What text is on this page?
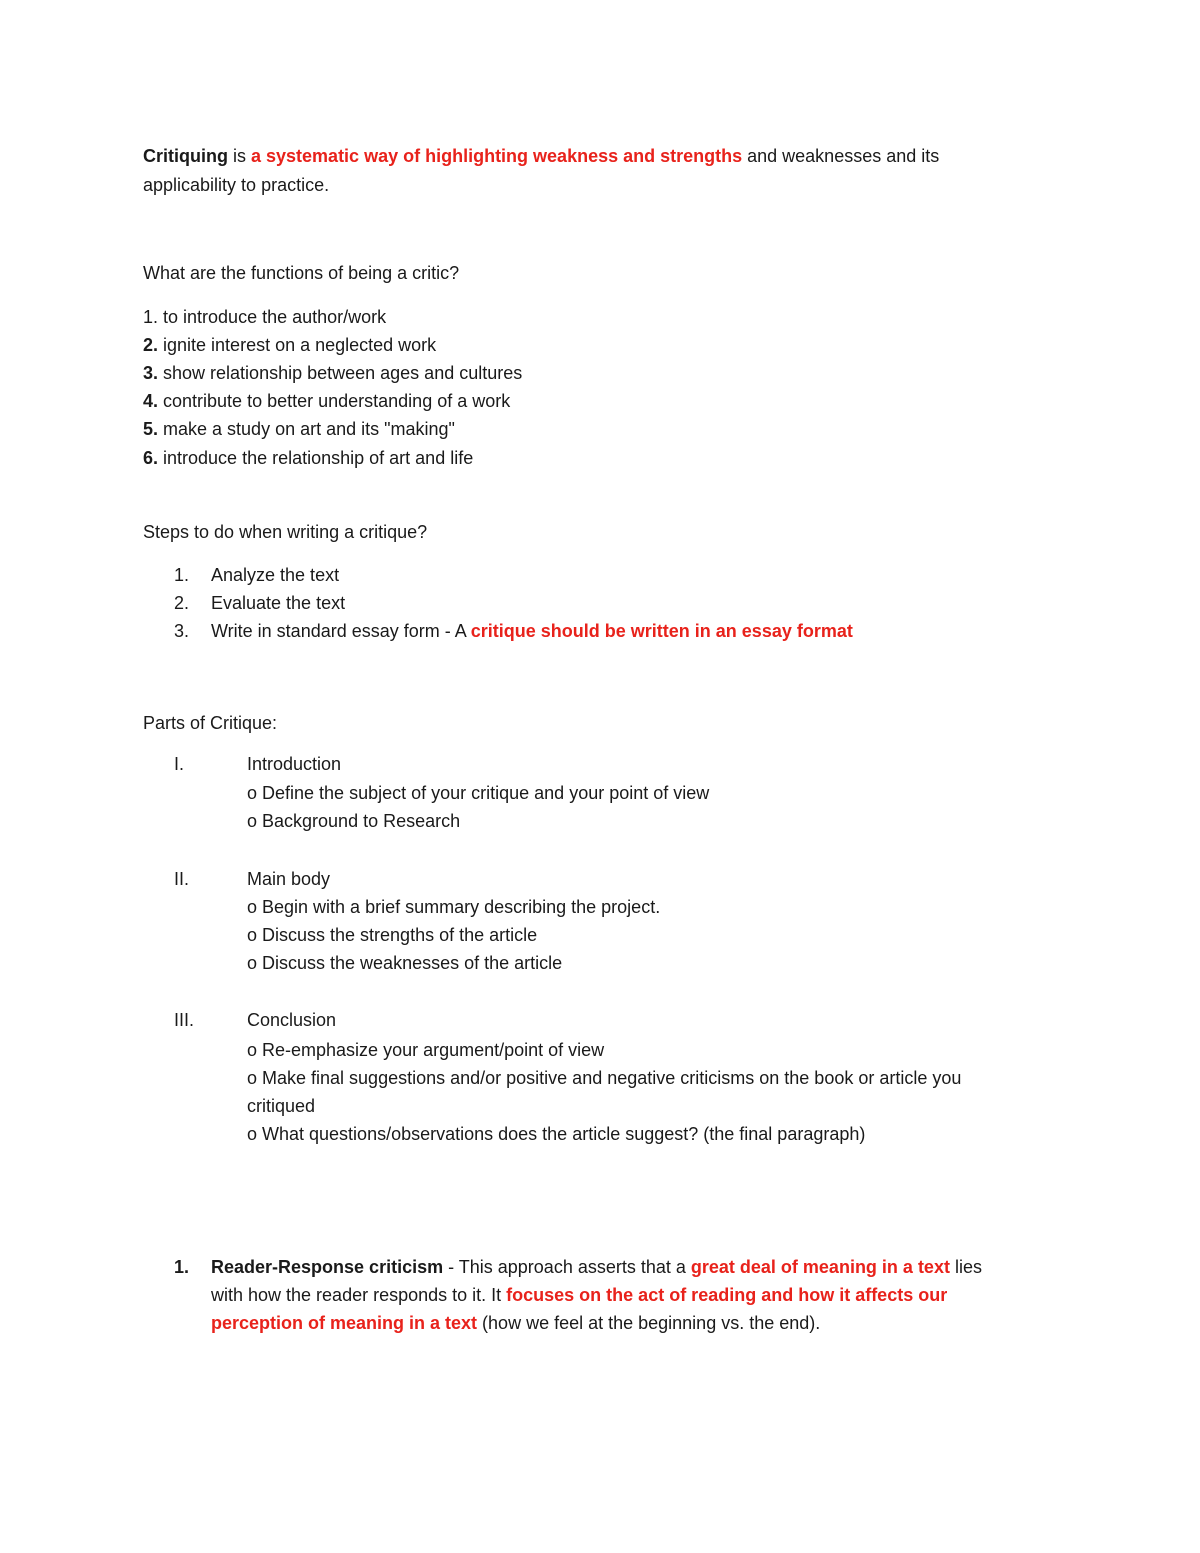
Critiquing is a systematic way of highlighting weakness and strengths and weaknesses and its
applicability to practice.
What are the functions of being a critic?
1. to introduce the author/work
2. ignite interest on a neglected work
3. show relationship between ages and cultures
4. contribute to better understanding of a work
5. make a study on art and its "making"
6. introduce the relationship of art and life
Steps to do when writing a critique?
1. Analyze the text
2. Evaluate the text
3. Write in standard essay form - A critique should be written in an essay format
Parts of Critique:
I.	Introduction
o Define the subject of your critique and your point of view
o Background to Research
II.	Main body
o Begin with a brief summary describing the project.
o Discuss the strengths of the article
o Discuss the weaknesses of the article
III.	Conclusion
o Re-emphasize your argument/point of view
o Make final suggestions and/or positive and negative criticisms on the book or article you
critiqued
o What questions/observations does the article suggest? (the final paragraph)
1. Reader-Response criticism - This approach asserts that a great deal of meaning in a text lies
with how the reader responds to it. It focuses on the act of reading and how it affects our
perception of meaning in a text (how we feel at the beginning vs. the end).
